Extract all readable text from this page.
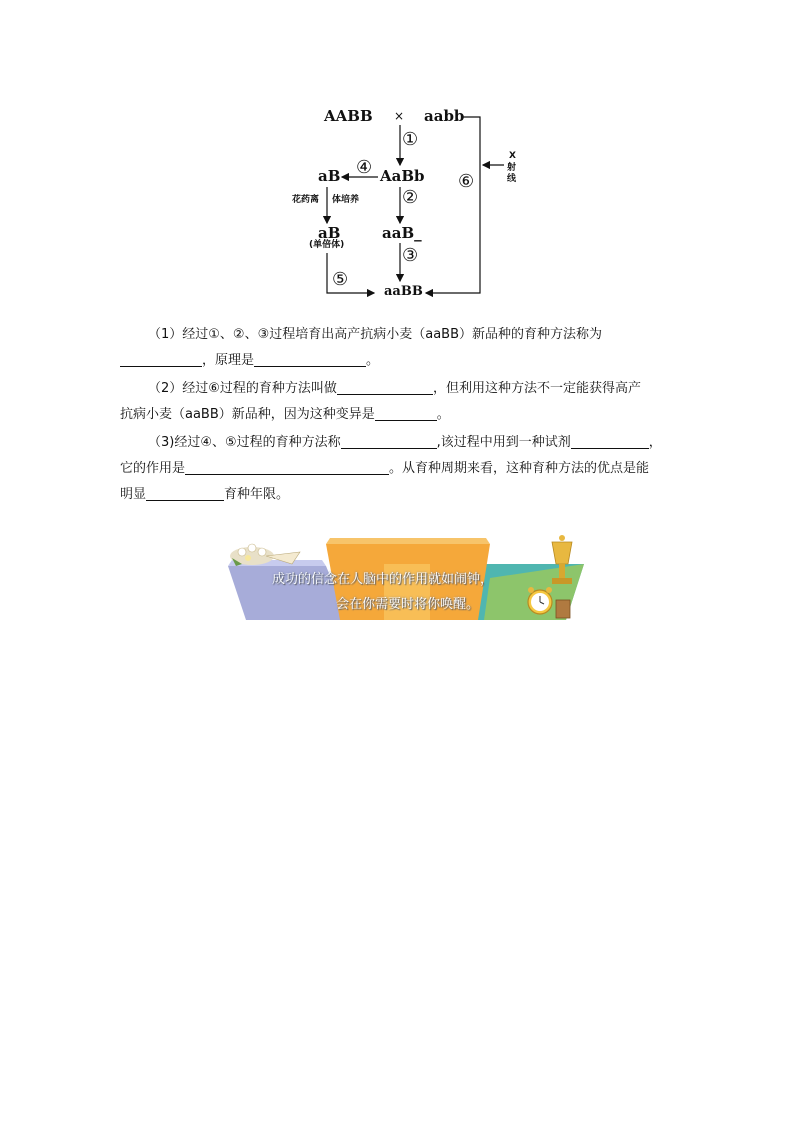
AABB × aabb
①
④
⑥
aB	AaBb
X
射
线
花药离 体培养 ②
aB
(单倍体)
aaB_
③
⑤
aaBB
（1）经过①、②、③过程培育出高产抗病小麦（aaBB）新品种的育种方法称为
，原理是	。
（2）经过⑥过程的育种方法叫做	，但利用这种方法不一定能获得高产
抗病小麦（aaBB）新品种，因为这种变异是	。
（3)经过④、⑤过程的育种方法称	,该过程中用到一种试剂	，
它的作用是	。从育种周期来看，这种育种方法的优点是能
明显	育种年限。
成功的信念在人脑中的作用就如闹钟，
会在你需要时将你唤醒。
